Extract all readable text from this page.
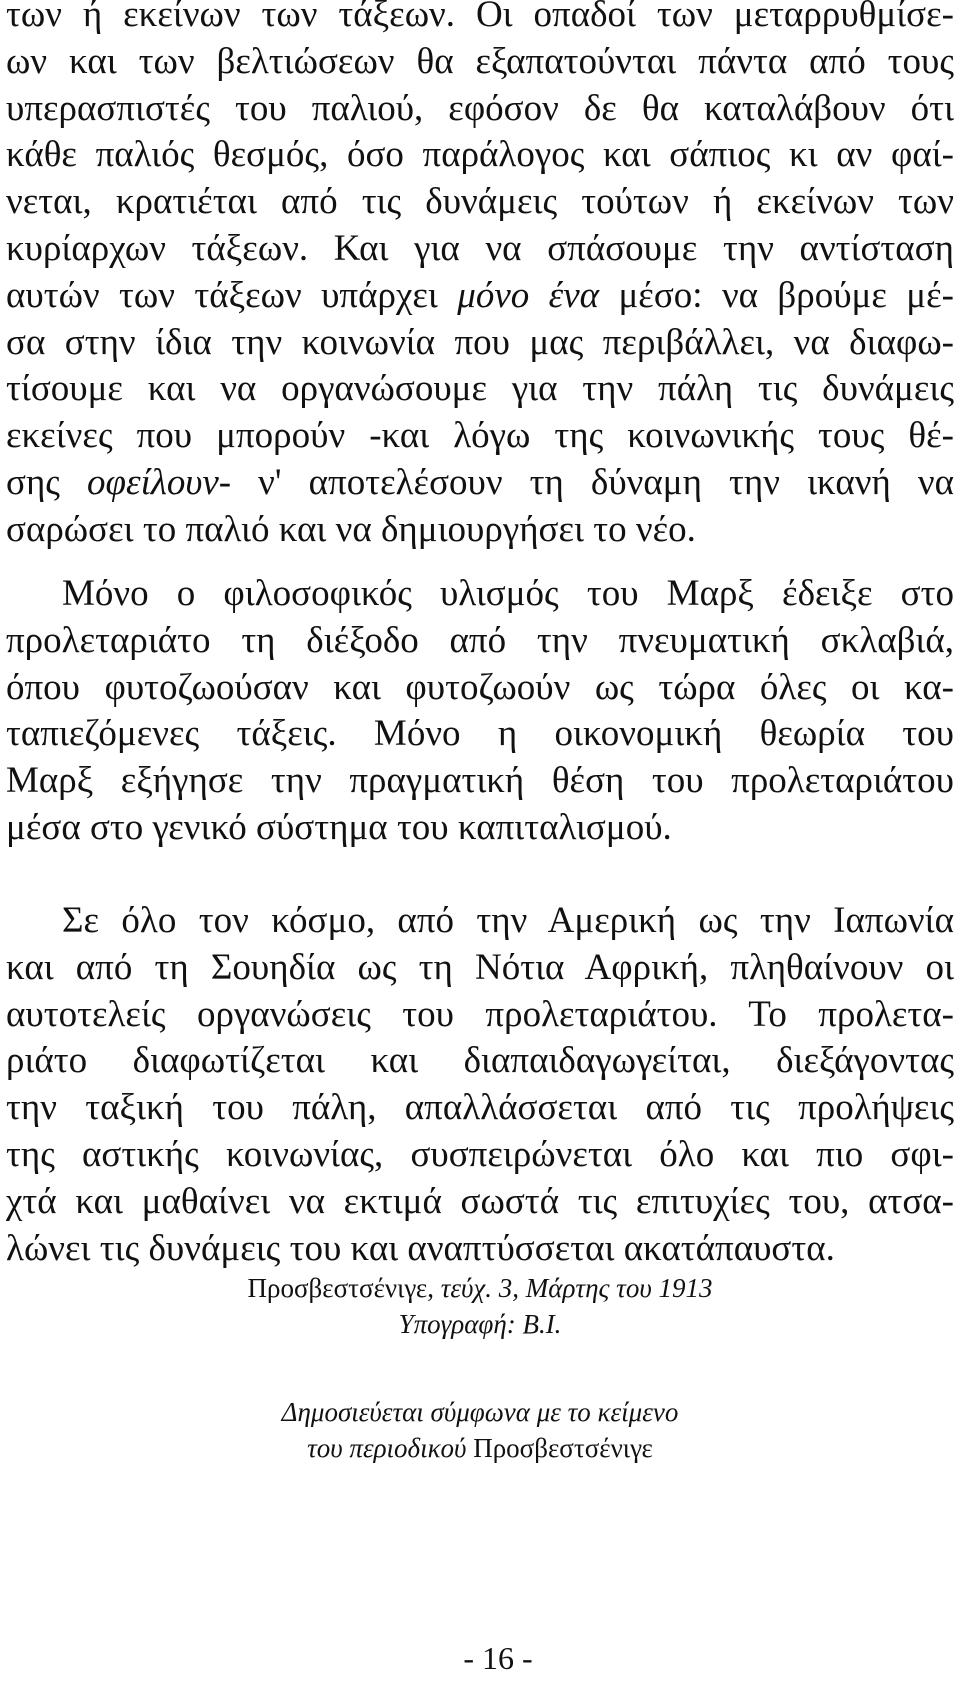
των ή εκείνων των τάξεων. Οι οπαδοί των μεταρρυθμίσε-
ων και των βελτιώσεων θα εξαπατούνται πάντα από τους
υπερασπιστές του παλιού, εφόσον δε θα καταλάβουν ότι
κάθε παλιός θεσμός, όσο παράλογος και σάπιος κι αν φαί-
νεται, κρατιέται από τις δυνάμεις τούτων ή εκείνων των
κυρίαρχων τάξεων. Και για να σπάσουμε την αντίσταση
αυτών των τάξεων υπάρχει μόνο ένα μέσο: να βρούμε μέ-
σα στην ίδια την κοινωνία που μας περιβάλλει, να διαφω-
τίσουμε και να οργανώσουμε για την πάλη τις δυνάμεις
εκείνες που μπορούν -και λόγω της κοινωνικής τους θέ-
σης οφείλουν- ν' αποτελέσουν τη δύναμη την ικανή να
σαρώσει το παλιό και να δημιουργήσει το νέο.
Μόνο ο φιλοσοφικός υλισμός του Μαρξ έδειξε στο
προλεταριάτο τη διέξοδο από την πνευματική σκλαβιά,
όπου φυτοζωούσαν και φυτοζωούν ως τώρα όλες οι κα-
ταπιεζόμενες τάξεις. Μόνο η οικονομική θεωρία του
Μαρξ εξήγησε την πραγματική θέση του προλεταριάτου
μέσα στο γενικό σύστημα του καπιταλισμού.
Σε όλο τον κόσμο, από την Αμερική ως την Ιαπωνία
και από τη Σουηδία ως τη Νότια Αφρική, πληθαίνουν οι
αυτοτελείς οργανώσεις του προλεταριάτου. Το προλετα-
ριάτο διαφωτίζεται και διαπαιδαγωγείται, διεξάγοντας
την ταξική του πάλη, απαλλάσσεται από τις προλήψεις
της αστικής κοινωνίας, συσπειρώνεται όλο και πιο σφι-
χτά και μαθαίνει να εκτιμά σωστά τις επιτυχίες του, ατσα-
λώνει τις δυνάμεις του και αναπτύσσεται ακατάπαυστα.
Προσβεστσένιγε, τεύχ. 3, Μάρτης του 1913
Υπογραφή: Β.Ι.
Δημοσιεύεται σύμφωνα με το κείμενο
του περιοδικού Προσβεστσένιγε
- 16 -
